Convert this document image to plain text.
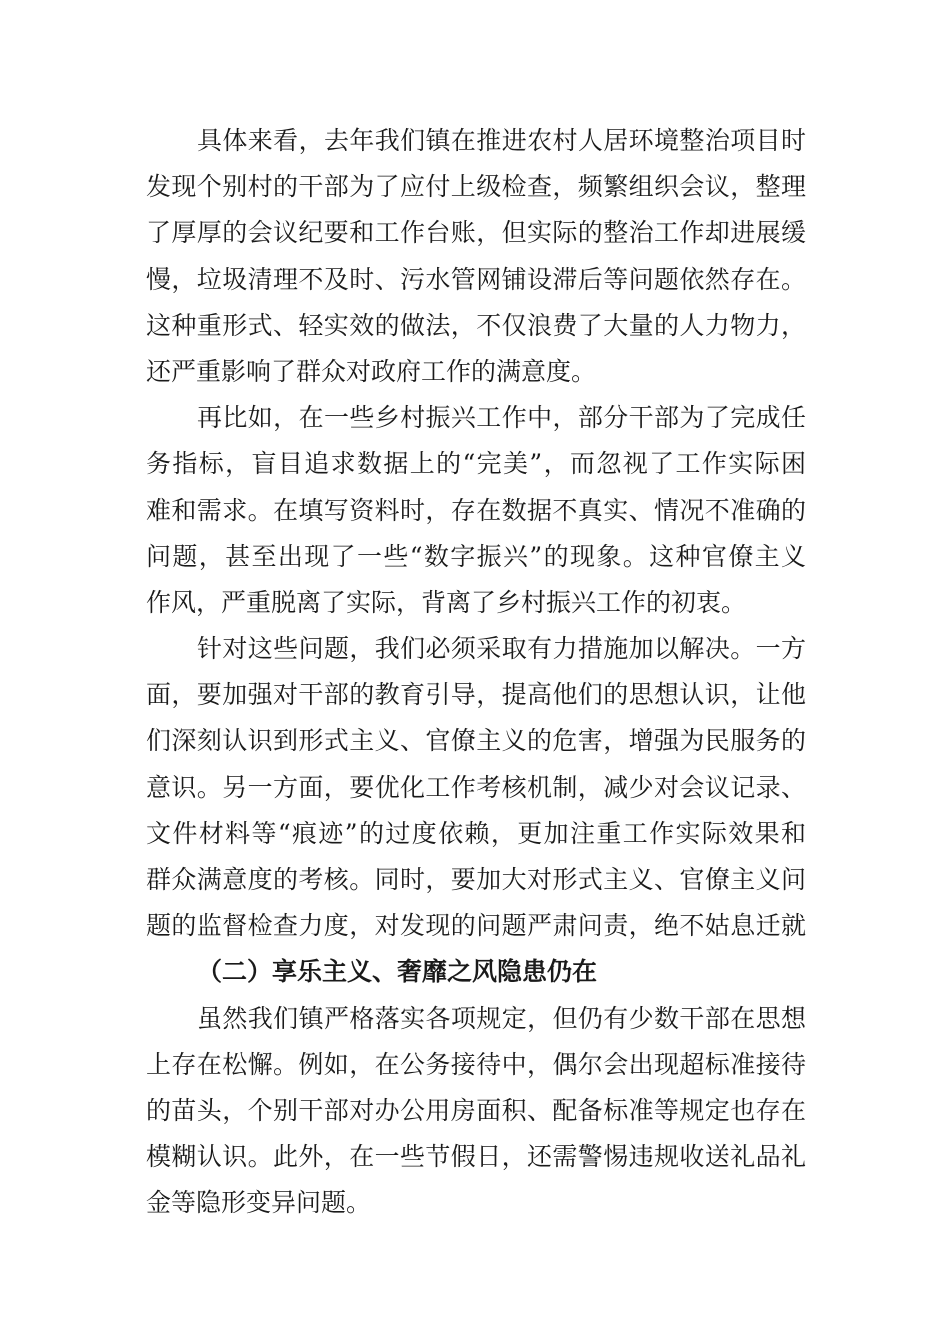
具体来看，去年我们镇在推进农村人居环境整治项目时
发现个别村的干部为了应付上级检查，频繁组织会议，整理
了厚厚的会议纪要和工作台账，但实际的整治工作却进展缓
慢，垃圾清理不及时、污水管网铺设滞后等问题依然存在。
这种重形式、轻实效的做法，不仅浪费了大量的人力物力，
还严重影响了群众对政府工作的满意度。
再比如，在一些乡村振兴工作中，部分干部为了完成任
务指标，盲目追求数据上的“完美”，而忽视了工作实际困
难和需求。在填写资料时，存在数据不真实、情况不准确的
问题，甚至出现了一些“数字振兴”的现象。这种官僚主义
作风，严重脱离了实际，背离了乡村振兴工作的初衷。
针对这些问题，我们必须采取有力措施加以解决。一方
面，要加强对干部的教育引导，提高他们的思想认识，让他
们深刻认识到形式主义、官僚主义的危害，增强为民服务的
意识。另一方面，要优化工作考核机制，减少对会议记录、
文件材料等“痕迹”的过度依赖，更加注重工作实际效果和
群众满意度的考核。同时，要加大对形式主义、官僚主义问
题的监督检查力度，对发现的问题严肃问责，绝不姑息迁就
（二）享乐主义、奢靡之风隐患仍在
虽然我们镇严格落实各项规定，但仍有少数干部在思想
上存在松懈。例如，在公务接待中，偶尔会出现超标准接待
的苗头，个别干部对办公用房面积、配备标准等规定也存在
模糊认识。此外，在一些节假日，还需警惕违规收送礼品礼
金等隐形变异问题。
